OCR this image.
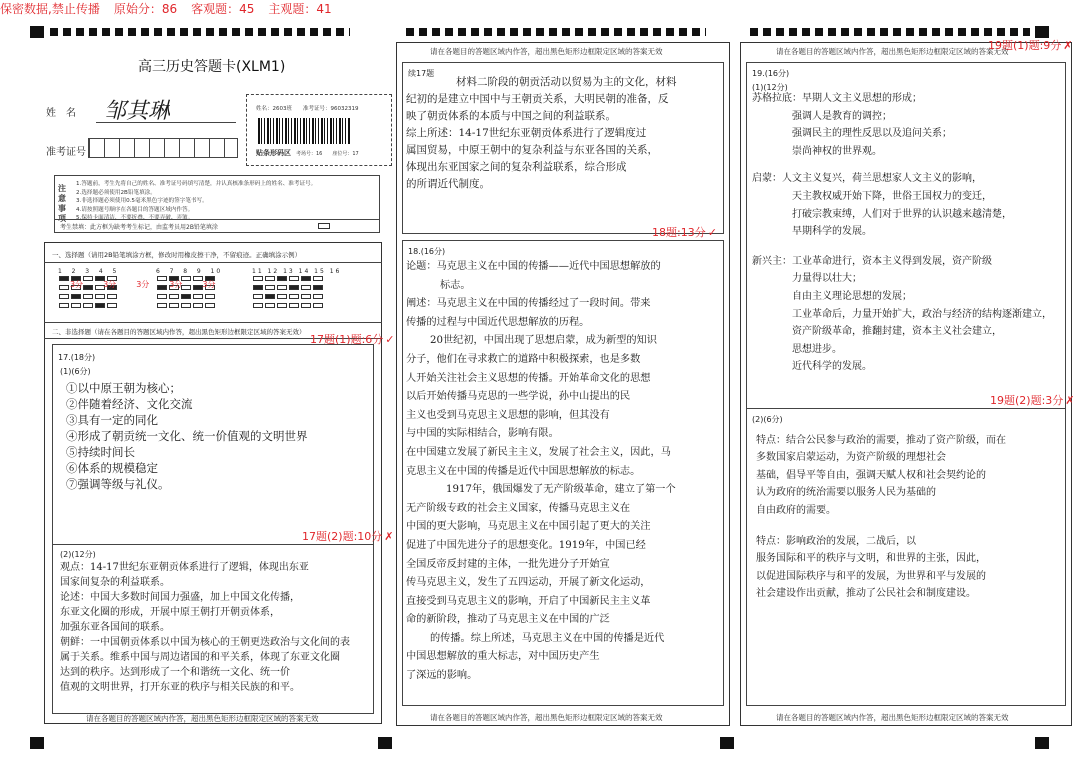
保密数据,禁止传播 原始分：86 客观题：45 主观题：41
高三历史答题卡(XLM1)
姓　名 邹其琳
准考证号
姓名：2603班　　准考证号：96032319
贴条形码区 考场号：16　　座位号：17
注意事项
1.答题前，考生先将自己的姓名、准考证号码填写清楚，并认真核准条形码上的姓名、准考证号。
2.选择题必须使用2B铅笔填涂。
3.非选择题必须使用0.5毫米黑色字迹的签字笔书写。
4.请按照题号顺序在各题目的答题区域内作答。
5.保持卡面清洁，不要折叠、不要弄破、弄皱。
考生禁填：此方框为缺考考生标记，由监考员用2B铅笔填涂
一、选择题（请用2B铅笔填涂方框，修改时用橡皮擦干净，不留痕迹。正确填涂示例）
1  2  3  4  5	6  7  8  9  10	11 12 13 14 15 16

3分	3分	3分	3分	3分
二、非选择题（请在各题目的答题区域内作答，超出黑色矩形边框限定区域的答案无效）
17题(1)题:6分 ✓
17.(18分)
(1)(6分)
①以中原王朝为核心；
②伴随着经济、文化交流
③具有一定的同化
④形成了朝贡统一文化、统一价值观的文明世界
⑤持续时间长
⑥体系的规模稳定
⑦强调等级与礼仪。
17题(2)题:10分 ✗
(2)(12分)
观点：14-17世纪东亚朝贡体系进行了逻辑，体现出东亚
国家间复杂的利益联系。
论述：中国大多数时间国力强盛，加上中国文化传播，
东亚文化圈的形成，开展中原王朝打开朝贡体系，
加强东亚各国间的联系。
朝鲜：一中国朝贡体系以中国为核心的王朝更迭政治与文化间的表
属于关系。维系中国与周边诸国的和平关系，体现了东亚文化圈
达到的秩序。达到形成了一个和谐统一文化、统一价
值观的文明世界，打开东亚的秩序与相关民族的和平。
请在各题目的答题区域内作答，超出黑色矩形边框限定区域的答案无效
请在各题目的答题区域内作答，超出黑色矩形边框限定区域的答案无效
续17题
材料二阶段的朝贡活动以贸易为主的文化，材料
纪初的是建立中国中与王朝贡关系，大明民朝的准备，反
映了朝贡体系的本质与中国之间的利益联系。
综上所述：14-17世纪东亚朝贡体系进行了逻辑度过
属国贸易，中原王朝中的复杂利益与东亚各国的关系，
体现出东亚国家之间的复杂利益联系，综合形成
的所谓近代制度。
18题:13分 ✓
18.(16分)
论题：马克思主义在中国的传播——近代中国思想解放的
标志。
阐述：马克思主义在中国的传播经过了一段时间。带来
传播的过程与中国近代思想解放的历程。
20世纪初，中国出现了思想启蒙，成为新型的知识
分子，他们在寻求救亡的道路中积极探索，也是多数
人开始关注社会主义思想的传播。开始革命文化的思想
以后开始传播马克思的一些学说，孙中山提出的民
主义也受到马克思主义思想的影响，但其没有
与中国的实际相结合，影响有限。
在中国建立发展了新民主主义，发展了社会主义，因此，马
克思主义在中国的传播是近代中国思想解放的标志。
1917年，俄国爆发了无产阶级革命，建立了第一个
无产阶级专政的社会主义国家，传播马克思主义在
中国的更大影响，马克思主义在中国引起了更大的关注
促进了中国先进分子的思想变化。1919年，中国已经
全国反帝反封建的主体，一批先进分子开始宣
传马克思主义，发生了五四运动，开展了新文化运动，
直接受到马克思主义的影响，开启了中国新民主主义革
命的新阶段，推动了马克思主义在中国的广泛
的传播。综上所述，马克思主义在中国的传播是近代
中国思想解放的重大标志，对中国历史产生
了深远的影响。
请在各题目的答题区域内作答，超出黑色矩形边框限定区域的答案无效
请在各题目的答题区域内作答，超出黑色矩形边框限定区域的答案无效
19题(1)题:9分 ✗
19.(16分)
(1)(12分)
苏格拉底：早期人文主义思想的形成；
强调人是教育的调控；
强调民主的理性反思以及追问关系；
崇尚神权的世界观。
启蒙：人文主义复兴，荷兰思想家人文主义的影响，
天主教权威开始下降，世俗王国权力的变迁，
打破宗教束缚，人们对于世界的认识越来越清楚，
早期科学的发展。
新兴主：工业革命进行，资本主义得到发展，资产阶级
力量得以壮大；
自由主义理论思想的发展；
工业革命后，力量开始扩大，政治与经济的结构逐渐建立，
资产阶级革命，推翻封建，资本主义社会建立，
思想进步。
近代科学的发展。
19题(2)题:3分 ✗
(2)(6分)
特点：结合公民参与政治的需要，推动了资产阶级，而在
多数国家启蒙运动，为资产阶级的理想社会
基础，倡导平等自由，强调天赋人权和社会契约论的
认为政府的统治需要以服务人民为基础的
自由政府的需要。
特点：影响政治的发展，二战后，以
服务国际和平的秩序与文明，和世界的主张，因此，
以促进国际秩序与和平的发展，为世界和平与发展的
社会建设作出贡献，推动了公民社会和制度建设。
请在各题目的答题区域内作答，超出黑色矩形边框限定区域的答案无效
